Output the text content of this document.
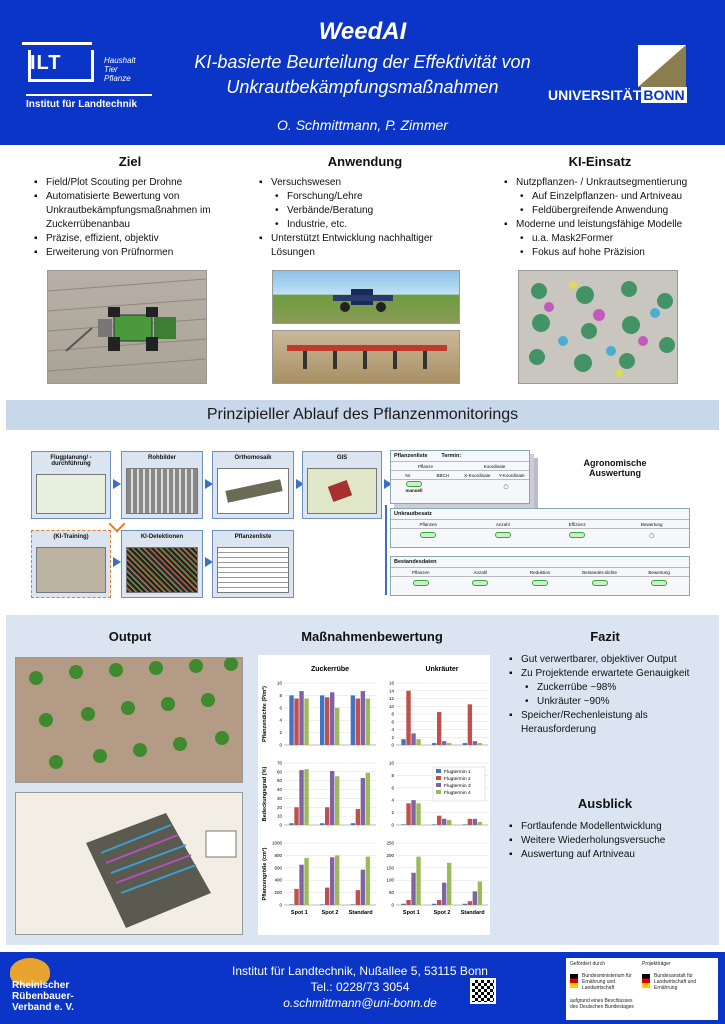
WeedAI
KI-basierte Beurteilung der Effektivität von
Unkrautbekämpfungsmaßnahmen
O. Schmittmann, P. Zimmer
ILT	Haushalt
Tier
Pflanze
Institut für Landtechnik
UNIVERSITÄT BONN
Ziel
▪ Field/Plot Scouting per Drohne
▪ Automatisierte Bewertung von Unkrautbekämpfungsmaßnahmen im Zuckerrübenanbau
▪ Präzise, effizient, objektiv
▪ Erweiterung von Prüfnormen
Anwendung
▪ Versuchswesen
• Forschung/Lehre
• Verbände/Beratung
• Industrie, etc.
▪ Unterstützt Entwicklung nachhaltiger Lösungen
KI-Einsatz
▪ Nutzpflanzen- / Unkrautsegmentierung
• Auf Einzelpflanzen- und Artniveau
• Feldübergreifende Anwendung
▪ Moderne und leistungsfähige Modelle
• u.a. Mask2Former
• Fokus auf hohe Präzision
Prinzipieller Ablauf des Pflanzenmonitorings
Flugplanung/ -durchführung
Rohbilder	Orthomosaik	GIS
(KI-Training)	KI-Detektionen	Pflanzenliste
Pflanzenliste	Termin:
Pflanze	Koordinate
Nr.	BBCH	X-Koordinate	Y-Koordinate

manuell
◯
Agronomische Auswertung
Unkrautbesatz
Pflanzen	Anzahl	Effizienz	Bewertung
◯
Bestandesdaten
Pflanzen	Anzahl	Reduktion	Bestandes-dichte	Bewertung
Output	Maßnahmenbewertung
Zuckerrübe	Unkräuter
Pflanzendichte (P/m²)
0
2
4
6
8
10
0
2
4
6
8
10
12
14
16
Bedeckungsgrad (%)
0
10
20
30
40
50
60
70
0
2
4
6
8
10
Pflanzengröße (cm²)
0
200
400
600
800
1000
Spot 1	Spot 2 Standard
0
50
100
150
200
250
Spot 1	Spot 2 Standard
Flugtermin 1
Flugtermin 2
Flugtermin 3
Flugtermin 4
Fazit
▪ Gut verwertbarer, objektiver Output
▪ Zu Projektende erwartete Genauigkeit
• Zuckerrübe ~98%
• Unkräuter ~90%
▪ Speicher/Rechenleistung als Herausforderung
Ausblick
▪ Fortlaufende Modellentwicklung
▪ Weitere Wiederholungsversuche
▪ Auswertung auf Artniveau
Institut für Landtechnik, Nußallee 5, 53115 Bonn
Tel.: 0228/73 3054
o.schmittmann@uni-bonn.de
Rheinischer
Rübenbauer-
Verband e. V.
Gefördert durch	Projektträger
Bundesministerium für Ernährung und Landwirtschaft
aufgrund eines Beschlusses des Deutschen Bundestages
Bundesanstalt für Landwirtschaft und Ernährung
